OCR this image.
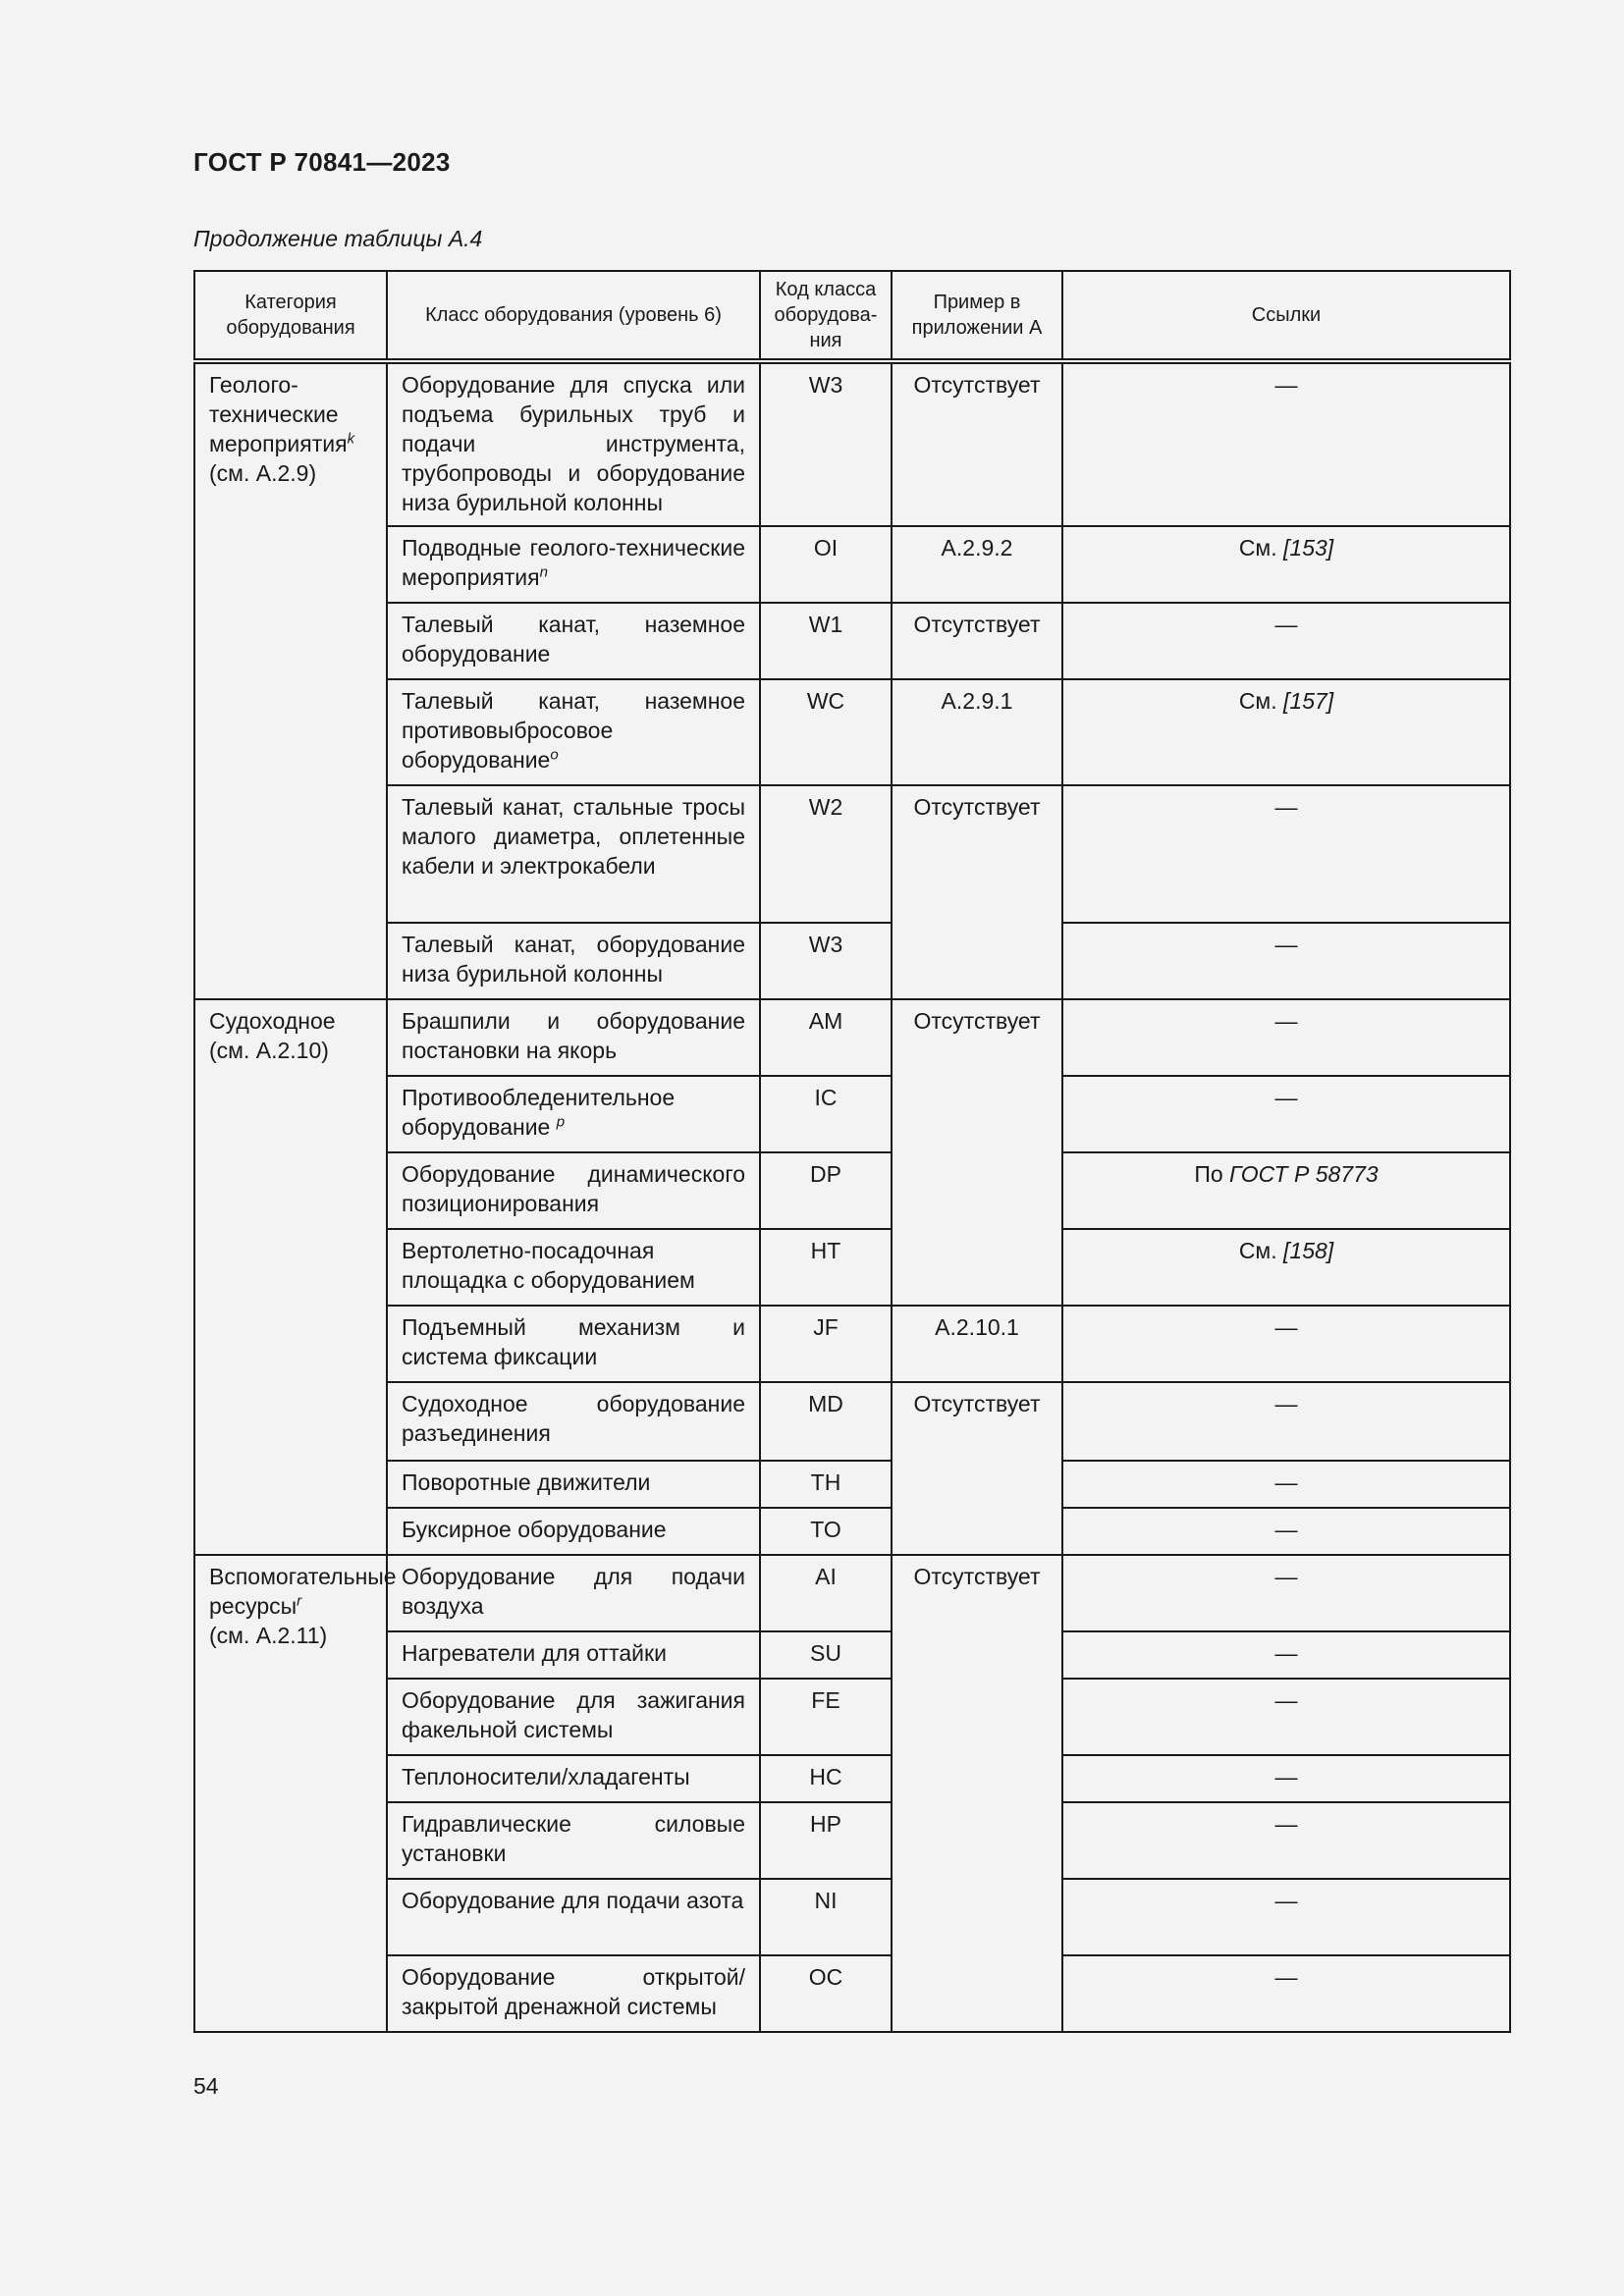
ГОСТ Р 70841—2023
Продолжение таблицы А.4
Категория оборудования	Класс оборудования (уровень 6)	Код класса оборудова-ния	Пример в приложении А	Ссылки
Геолого-технические мероприятия$^k$
(см. А.2.9)	Оборудование для спуска или подъема бурильных труб и подачи инструмента, трубопроводы и оборудование низа бурильной колонны	W3	Отсутствует	—
	Подводные геолого-технические мероприятия$^n$	OI	А.2.9.2	См. [153]
	Талевый канат, наземное оборудование	W1	Отсутствует	—
	Талевый канат, наземное противовыбросовое оборудование$^o$	WC	А.2.9.1	См. [157]
	Талевый канат, стальные тросы малого диаметра, оплетенные кабели и электрокабели	W2	Отсутствует	—
	Талевый канат, оборудование низа бурильной колонны	W3		—
Судоходное
(см. А.2.10)	Брашпили и оборудование постановки на якорь	AM	Отсутствует	—
	Противообледенительное оборудование $^p$	IC		—
	Оборудование динамического позиционирования	DP		По ГОСТ Р 58773
	Вертолетно-посадочная площадка с оборудованием	HT		См. [158]
	Подъемный механизм и система фиксации	JF	А.2.10.1	—
	Судоходное оборудование разъединения	MD	Отсутствует	—
	Поворотные движители	TH		—
	Буксирное оборудование	TO		—
Вспомогательные ресурсы$^r$
(см. А.2.11)	Оборудование для подачи воздуха	AI	Отсутствует	—
	Нагреватели для оттайки	SU		—
	Оборудование для зажигания факельной системы	FE		—
	Теплоносители/хладагенты	HC		—
	Гидравлические силовые установки	HP		—
	Оборудование для подачи азота	NI		—
	Оборудование открытой/закрытой дренажной системы	OC		—
54
